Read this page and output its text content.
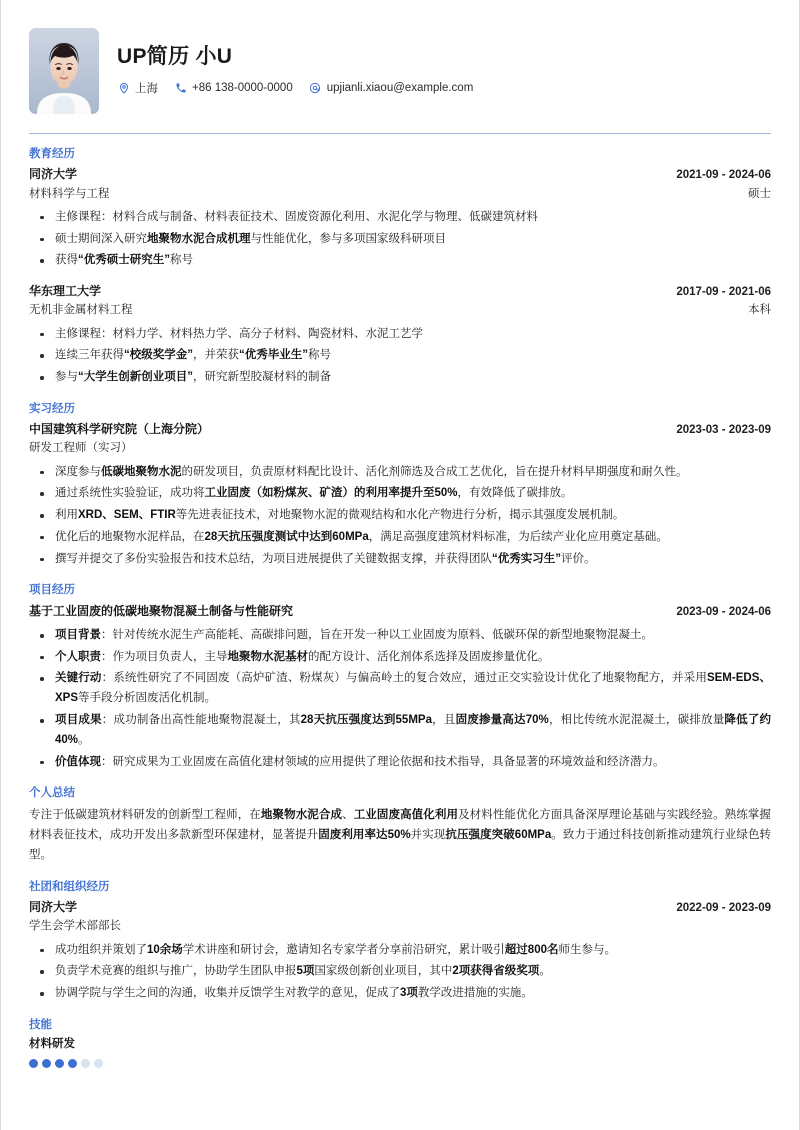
UP简历 小U
上海	+86 138-0000-0000	upjianli.xiaou@example.com
教育经历
同济大学	2021-09 - 2024-06
材料科学与工程	硕士
主修课程：材料合成与制备、材料表征技术、固废资源化利用、水泥化学与物理、低碳建筑材料
硕士期间深入研究地聚物水泥合成机理与性能优化，参与多项国家级科研项目
获得“优秀硕士研究生”称号
华东理工大学	2017-09 - 2021-06
无机非金属材料工程	本科
主修课程：材料力学、材料热力学、高分子材料、陶瓷材料、水泥工艺学
连续三年获得“校级奖学金”，并荣获“优秀毕业生”称号
参与“大学生创新创业项目”，研究新型胶凝材料的制备
实习经历
中国建筑科学研究院（上海分院）	2023-03 - 2023-09
研发工程师（实习）
深度参与低碳地聚物水泥的研发项目，负责原材料配比设计、活化剂筛选及合成工艺优化，旨在提升材料早期强度和耐久性。
通过系统性实验验证，成功将工业固废（如粉煤灰、矿渣）的利用率提升至50%，有效降低了碳排放。
利用XRD、SEM、FTIR等先进表征技术，对地聚物水泥的微观结构和水化产物进行分析，揭示其强度发展机制。
优化后的地聚物水泥样品，在28天抗压强度测试中达到60MPa，满足高强度建筑材料标准，为后续产业化应用奠定基础。
撰写并提交了多份实验报告和技术总结，为项目进展提供了关键数据支撑，并获得团队“优秀实习生”评价。
项目经历
基于工业固废的低碳地聚物混凝土制备与性能研究	2023-09 - 2024-06
项目背景：针对传统水泥生产高能耗、高碳排问题，旨在开发一种以工业固废为原料、低碳环保的新型地聚物混凝土。
个人职责：作为项目负责人，主导地聚物水泥基材的配方设计、活化剂体系选择及固废掺量优化。
关键行动：系统性研究了不同固废（高炉矿渣、粉煤灰）与偏高岭土的复合效应，通过正交实验设计优化了地聚物配方，并采用SEM-EDS、XPS等手段分析固废活化机制。
项目成果：成功制备出高性能地聚物混凝土，其28天抗压强度达到55MPa，且固废掺量高达70%，相比传统水泥混凝土，碳排放量降低了约40%。
价值体现：研究成果为工业固废在高值化建材领域的应用提供了理论依据和技术指导，具备显著的环境效益和经济潜力。
个人总结
专注于低碳建筑材料研发的创新型工程师，在地聚物水泥合成、工业固废高值化利用及材料性能优化方面具备深厚理论基础与实践经验。熟练掌握材料表征技术，成功开发出多款新型环保建材，显著提升固废利用率达50%并实现抗压强度突破60MPa。致力于通过科技创新推动建筑行业绿色转型。
社团和组织经历
同济大学	2022-09 - 2023-09
学生会学术部部长
成功组织并策划了10余场学术讲座和研讨会，邀请知名专家学者分享前沿研究，累计吸引超过800名师生参与。
负责学术竞赛的组织与推广，协助学生团队申报5项国家级创新创业项目，其中2项获得省级奖项。
协调学院与学生之间的沟通，收集并反馈学生对教学的意见，促成了3项教学改进措施的实施。
技能
材料研发
